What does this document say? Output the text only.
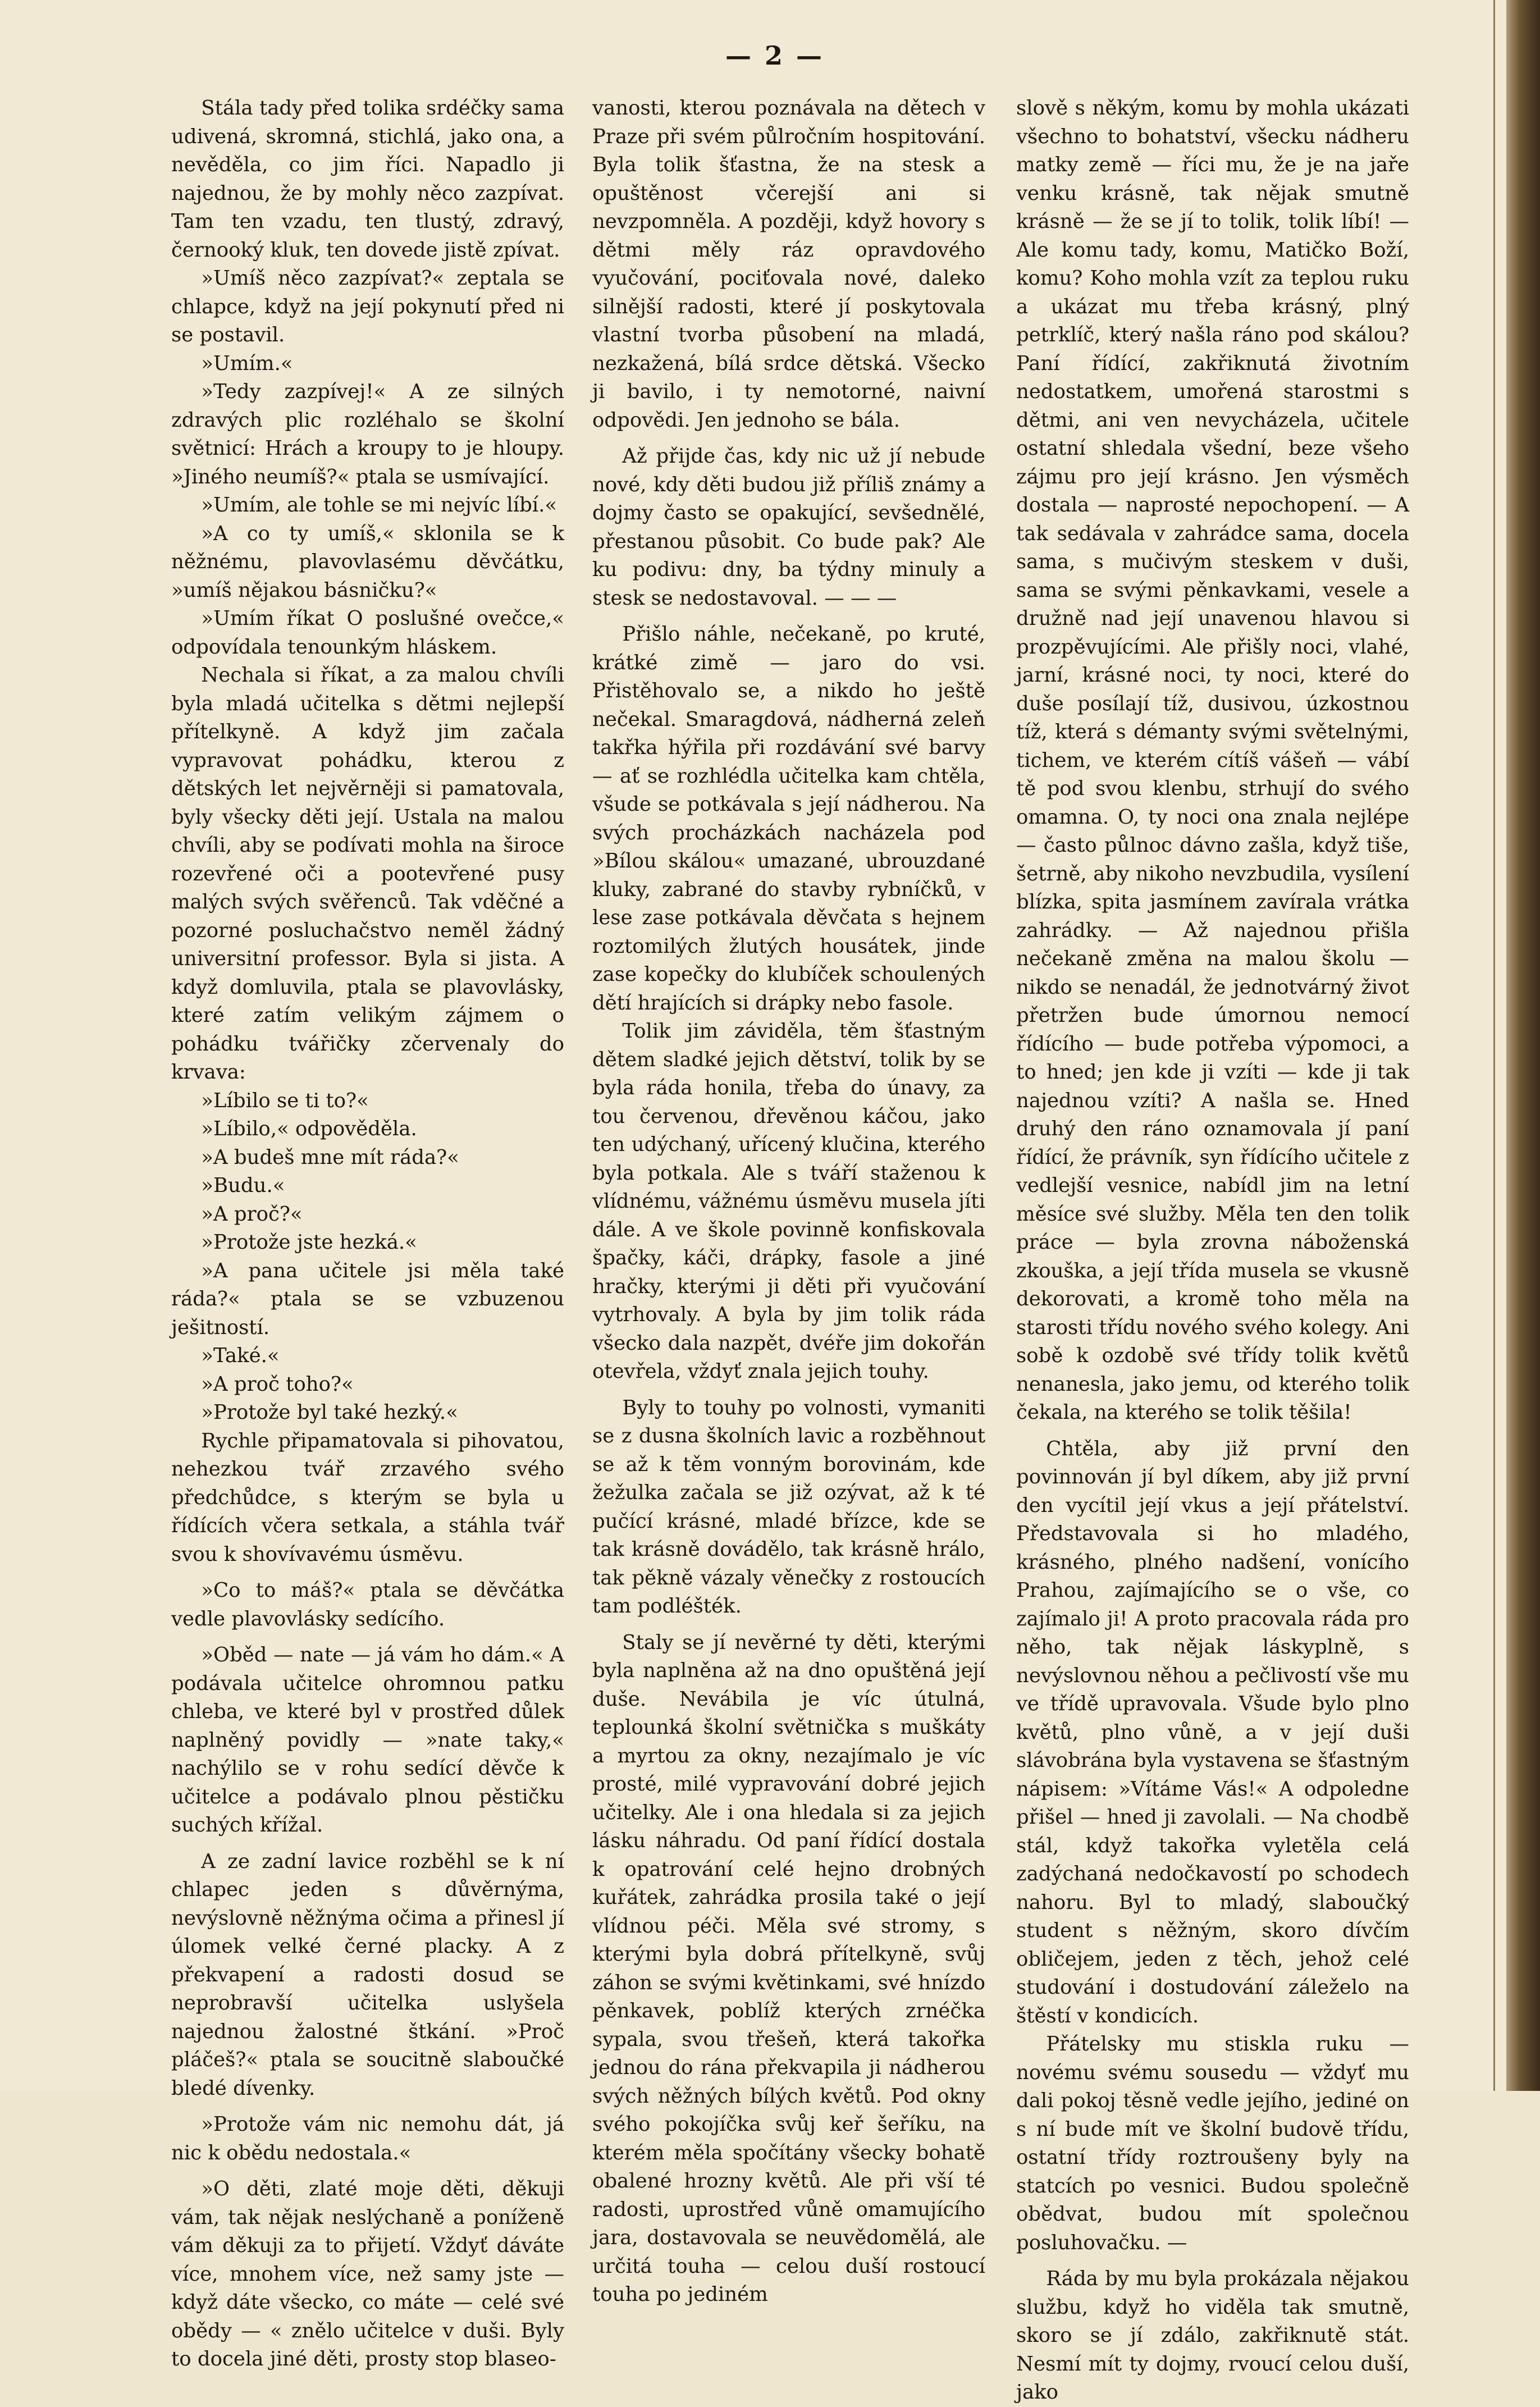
— 2 —

Stála tady před tolika srdéčky sama udivená, skromná, stichlá, jako ona, a nevěděla, co jim říci. Napadlo ji najednou, že by mohly něco zazpívat. Tam ten vzadu, ten tlustý, zdravý, černooký kluk, ten dovede jistě zpívat.

»Umíš něco zazpívat?« zeptala se chlapce, když na její pokynutí před ni se postavil.

»Umím.«

»Tedy zazpívej!« A ze silných zdravých plic rozléhalo se školní světnicí: Hrách a kroupy to je hloupy. »Jiného neumíš?« ptala se usmívající.

»Umím, ale tohle se mi nejvíc líbí.«

»A co ty umíš,« sklonila se k něžnému, plavovlasému děvčátku, »umíš nějakou básničku?«

»Umím říkat O poslušné ovečce,« odpovídala tenounkým hláskem.

Nechala si říkat, a za malou chvíli byla mladá učitelka s dětmi nejlepší přítelkyně. A když jim začala vypravovat pohádku, kterou z dětských let nejvěrněji si pamatovala, byly všecky děti její. Ustala na malou chvíli, aby se podívati mohla na široce rozevřené oči a pootevřené pusy malých svých svěřenců. Tak vděčné a pozorné posluchačstvo neměl žádný universitní professor. Byla si jista. A když domluvila, ptala se plavovlásky, které zatím velikým zájmem o pohádku tvářičky zčervenaly do krvava:

»Líbilo se ti to?«

»Líbilo,« odpověděla.

»A budeš mne mít ráda?«

»Budu.«

»A proč?«

»Protože jste hezká.«

»A pana učitele jsi měla také ráda?« ptala se se vzbuzenou ješitností.

»Také.«

»A proč toho?«

»Protože byl také hezký.«

Rychle připamatovala si pihovatou, nehezkou tvář zrzavého svého předchůdce, s kterým se byla u řídících včera setkala, a stáhla tvář svou k shovívavému úsměvu.

»Co to máš?« ptala se děvčátka vedle plavovlásky sedícího.

»Oběd — nate — já vám ho dám.« A podávala učitelce ohromnou patku chleba, ve které byl v prostřed důlek naplněný povidly — »nate taky,« nachýlilo se v rohu sedící děvče k učitelce a podávalo plnou pěstičku suchých křížal.

A ze zadní lavice rozběhl se k ní chlapec jeden s důvěrnýma, nevýslovně něžnýma očima a přinesl jí úlomek velké černé placky. A z překvapení a radosti dosud se neprobravší učitelka uslyšela najednou žalostné štkání. »Proč pláčeš?« ptala se soucitně slaboučké bledé dívenky.

»Protože vám nic nemohu dát, já nic k obědu nedostala.«

»O děti, zlaté moje děti, děkuji vám, tak nějak neslýchaně a poníženě vám děkuji za to přijetí. Vždyť dáváte více, mnohem více, než samy jste — když dáte všecko, co máte — celé své obědy — « znělo učitelce v duši. Byly to docela jiné děti, prosty stop blaseo-

vanosti, kterou poznávala na dětech v Praze při svém půlročním hospitování. Byla tolik šťastna, že na stesk a opuštěnost včerejší ani si nevzpomněla. A později, když hovory s dětmi měly ráz opravdového vyučování, pociťovala nové, daleko silnější radosti, které jí poskytovala vlastní tvorba působení na mladá, nezkažená, bílá srdce dětská. Všecko ji bavilo, i ty nemotorné, naivní odpovědi. Jen jednoho se bála.

Až přijde čas, kdy nic už jí nebude nové, kdy děti budou již příliš známy a dojmy často se opakující, sevšednělé, přestanou působit. Co bude pak? Ale ku podivu: dny, ba týdny minuly a stesk se nedostavoval. — — —

Přišlo náhle, nečekaně, po kruté, krátké zimě — jaro do vsi. Přistěhovalo se, a nikdo ho ještě nečekal. Smaragdová, nádherná zeleň takřka hýřila při rozdávání své barvy — ať se rozhlédla učitelka kam chtěla, všude se potkávala s její nádherou. Na svých procházkách nacházela pod »Bílou skálou« umazané, ubrouzdané kluky, zabrané do stavby rybníčků, v lese zase potkávala děvčata s hejnem roztomilých žlutých housátek, jinde zase kopečky do klubíček schoulených dětí hrajících si drápky nebo fasole.

Tolik jim záviděla, těm šťastným dětem sladké jejich dětství, tolik by se byla ráda honila, třeba do únavy, za tou červenou, dřevěnou káčou, jako ten udýchaný, uřícený klučina, kterého byla potkala. Ale s tváří staženou k vlídnému, vážnému úsměvu musela jíti dále. A ve škole povinně konfiskovala špačky, káči, drápky, fasole a jiné hračky, kterými ji děti při vyučování vytrhovaly. A byla by jim tolik ráda všecko dala nazpět, dvéře jim dokořán otevřela, vždyť znala jejich touhy.

Byly to touhy po volnosti, vymaniti se z dusna školních lavic a rozběhnout se až k těm vonným borovinám, kde žežulka začala se již ozývat, až k té pučící krásné, mladé břízce, kde se tak krásně dovádělo, tak krásně hrálo, tak pěkně vázaly věnečky z rostoucích tam podléšték.

Staly se jí nevěrné ty děti, kterými byla naplněna až na dno opuštěná její duše. Nevábila je víc útulná, teplounká školní světnička s muškáty a myrtou za okny, nezajímalo je víc prosté, milé vypravování dobré jejich učitelky. Ale i ona hledala si za jejich lásku náhradu. Od paní řídící dostala k opatrování celé hejno drobných kuřátek, zahrádka prosila také o její vlídnou péči. Měla své stromy, s kterými byla dobrá přítelkyně, svůj záhon se svými květinkami, své hnízdo pěnkavek, poblíž kterých zrnéčka sypala, svou třešeň, která takořka jednou do rána překvapila ji nádherou svých něžných bílých květů. Pod okny svého pokojíčka svůj keř šeříku, na kterém měla spočítány všecky bohatě obalené hrozny květů. Ale při vší té radosti, uprostřed vůně omamujícího jara, dostavovala se neuvědomělá, ale určitá touha — celou duší rostoucí touha po jediném

slově s někým, komu by mohla ukázati všechno to bohatství, všecku nádheru matky země — říci mu, že je na jaře venku krásně, tak nějak smutně krásně — že se jí to tolik, tolik líbí! — Ale komu tady, komu, Matičko Boží, komu? Koho mohla vzít za teplou ruku a ukázat mu třeba krásný, plný petrklíč, který našla ráno pod skálou? Paní řídící, zakřiknutá životním nedostatkem, umořená starostmi s dětmi, ani ven nevycházela, učitele ostatní shledala všední, beze všeho zájmu pro její krásno. Jen výsměch dostala — naprosté nepochopení. — A tak sedávala v zahrádce sama, docela sama, s mučivým steskem v duši, sama se svými pěnkavkami, vesele a družně nad její unavenou hlavou si prozpěvujícími. Ale přišly noci, vlahé, jarní, krásné noci, ty noci, které do duše posílají tíž, dusivou, úzkostnou tíž, která s démanty svými světelnými, tichem, ve kterém cítíš vášeň — vábí tě pod svou klenbu, strhují do svého omamna. O, ty noci ona znala nejlépe — často půlnoc dávno zašla, když tiše, šetrně, aby nikoho nevzbudila, vysílení blízka, spita jasmínem zavírala vrátka zahrádky. — Až najednou přišla nečekaně změna na malou školu — nikdo se nenadál, že jednotvárný život přetržen bude úmornou nemocí řídícího — bude potřeba výpomoci, a to hned; jen kde ji vzíti — kde ji tak najednou vzíti? A našla se. Hned druhý den ráno oznamovala jí paní řídící, že právník, syn řídícího učitele z vedlejší vesnice, nabídl jim na letní měsíce své služby. Měla ten den tolik práce — byla zrovna náboženská zkouška, a její třída musela se vkusně dekorovati, a kromě toho měla na starosti třídu nového svého kolegy. Ani sobě k ozdobě své třídy tolik květů nenanesla, jako jemu, od kterého tolik čekala, na kterého se tolik těšila!

Chtěla, aby již první den povinnován jí byl díkem, aby již první den vycítil její vkus a její přátelství. Představovala si ho mladého, krásného, plného nadšení, vonícího Prahou, zajímajícího se o vše, co zajímalo ji! A proto pracovala ráda pro něho, tak nějak láskyplně, s nevýslovnou něhou a pečlivostí vše mu ve třídě upravovala. Všude bylo plno květů, plno vůně, a v její duši slávobrána byla vystavena se šťastným nápisem: »Vítáme Vás!« A odpoledne přišel — hned ji zavolali. — Na chodbě stál, když takořka vyletěla celá zadýchaná nedočkavostí po schodech nahoru. Byl to mladý, slaboučký student s něžným, skoro dívčím obličejem, jeden z těch, jehož celé studování i dostudování záleželo na štěstí v kondicích.

Přátelsky mu stiskla ruku — novému svému sousedu — vždyť mu dali pokoj těsně vedle jejího, jediné on s ní bude mít ve školní budově třídu, ostatní třídy roztroušeny byly na statcích po vesnici. Budou společně obědvat, budou mít společnou posluhovačku. —

Ráda by mu byla prokázala nějakou službu, když ho viděla tak smutně, skoro se jí zdálo, zakřiknutě stát. Nesmí mít ty dojmy, rvoucí celou duší, jako
